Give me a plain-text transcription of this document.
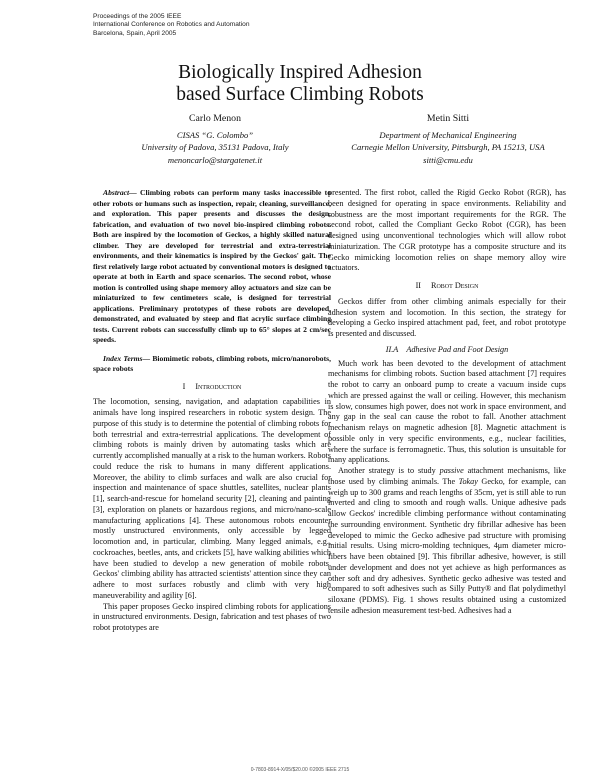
Proceedings of the 2005 IEEE
International Conference on Robotics and Automation
Barcelona, Spain, April 2005
Biologically Inspired Adhesion
based Surface Climbing Robots
Carlo Menon
CISAS “G. Colombo”
University of Padova, 35131 Padova, Italy
menoncarlo@stargatenet.it
Metin Sitti
Department of Mechanical Engineering
Carnegie Mellon University, Pittsburgh, PA 15213, USA
sitti@cmu.edu

Abstract— Climbing robots can perform many tasks inaccessible to other robots or humans such as inspection, repair, cleaning, surveillance, and exploration. This paper presents and discusses the design, fabrication, and evaluation of two novel bio-inspired climbing robots. Both are inspired by the locomotion of Geckos, a highly skilled natural climber. They are developed for terrestrial and extra-terrestrial environments, and their kinematics is inspired by the Geckos' gait. The first relatively large robot actuated by conventional motors is designed to operate at both in Earth and space scenarios. The second robot, whose motion is controlled using shape memory alloy actuators and size can be miniaturized to few centimeters scale, is designed for terrestrial applications. Preliminary prototypes of these robots are developed, demonstrated, and evaluated by steep and flat acrylic surface climbing tests. Current robots can successfully climb up to 65° slopes at 2 cm/sec speeds.

Index Terms— Biomimetic robots, climbing robots, micro/nanorobots, space robots

I Introduction

The locomotion, sensing, navigation, and adaptation capabilities in animals have long inspired researchers in robotic system design. The purpose of this study is to determine the potential of climbing robots for both terrestrial and extra-terrestrial applications. The development of climbing robots is mainly driven by automating tasks which are currently accomplished manually at a risk to the human workers. Robots could reduce the risk to humans in many different applications. Moreover, the ability to climb surfaces and walk are also crucial for inspection and maintenance of space shuttles, satellites, nuclear plants [1], search-and-rescue for homeland security [2], cleaning and painting [3], exploration on planets or hazardous regions, and micro/nano-scale manufacturing applications [4]. These autonomous robots encounter mostly unstructured environments, only accessible by legged locomotion and, in particular, climbing. Many legged animals, e.g., cockroaches, beetles, ants, and crickets [5], have walking abilities which have been studied to develop a new generation of mobile robots. Geckos' climbing ability has attracted scientists' attention since they can adhere to most surfaces robustly and climb with very high maneuverability and agility [6].

This paper proposes Gecko inspired climbing robots for applications in unstructured environments. Design, fabrication and test phases of two robot prototypes are

presented. The first robot, called the Rigid Gecko Robot (RGR), has been designed for operating in space environments. Reliability and robustness are the most important requirements for the RGR. The second robot, called the Compliant Gecko Robot (CGR), has been designed using unconventional technologies which will allow robot miniaturization. The CGR prototype has a composite structure and its Gecko mimicking locomotion relies on shape memory alloy wire actuators.

II Robot Design

Geckos differ from other climbing animals especially for their adhesion system and locomotion. In this section, the strategy for developing a Gecko inspired attachment pad, feet, and robot prototype is presented and discussed.

II.A Adhesive Pad and Foot Design

Much work has been devoted to the development of attachment mechanisms for climbing robots. Suction based attachment [7] requires the robot to carry an onboard pump to create a vacuum inside cups which are pressed against the wall or ceiling. However, this mechanism is slow, consumes high power, does not work in space environment, and any gap in the seal can cause the robot to fall. Another attachment mechanism relays on magnetic adhesion [8]. Magnetic attachment is possible only in very specific environments, e.g., nuclear facilities, where the surface is ferromagnetic. Thus, this solution is unsuitable for many applications.

Another strategy is to study passive attachment mechanisms, like those used by climbing animals. The Tokay Gecko, for example, can weigh up to 300 grams and reach lengths of 35cm, yet is still able to run inverted and cling to smooth and rough walls. Unique adhesive pads allow Geckos' incredible climbing performance without contaminating the surrounding environment. Synthetic dry fibrillar adhesive has been developed to mimic the Gecko adhesive pad structure with promising initial results. Using micro-molding techniques, 4μm diameter micro-fibers have been obtained [9]. This fibrillar adhesive, however, is still under development and does not yet achieve as high performances as other soft and dry adhesives. Synthetic gecko adhesive was tested and compared to soft adhesives such as Silly Putty® and flat polydimethyl siloxane (PDMS). Fig. 1 shows results obtained using a customized tensile adhesion measurement test-bed. Adhesives had a

0-7803-8914-X/05/$20.00 ©2005 IEEE 2715
